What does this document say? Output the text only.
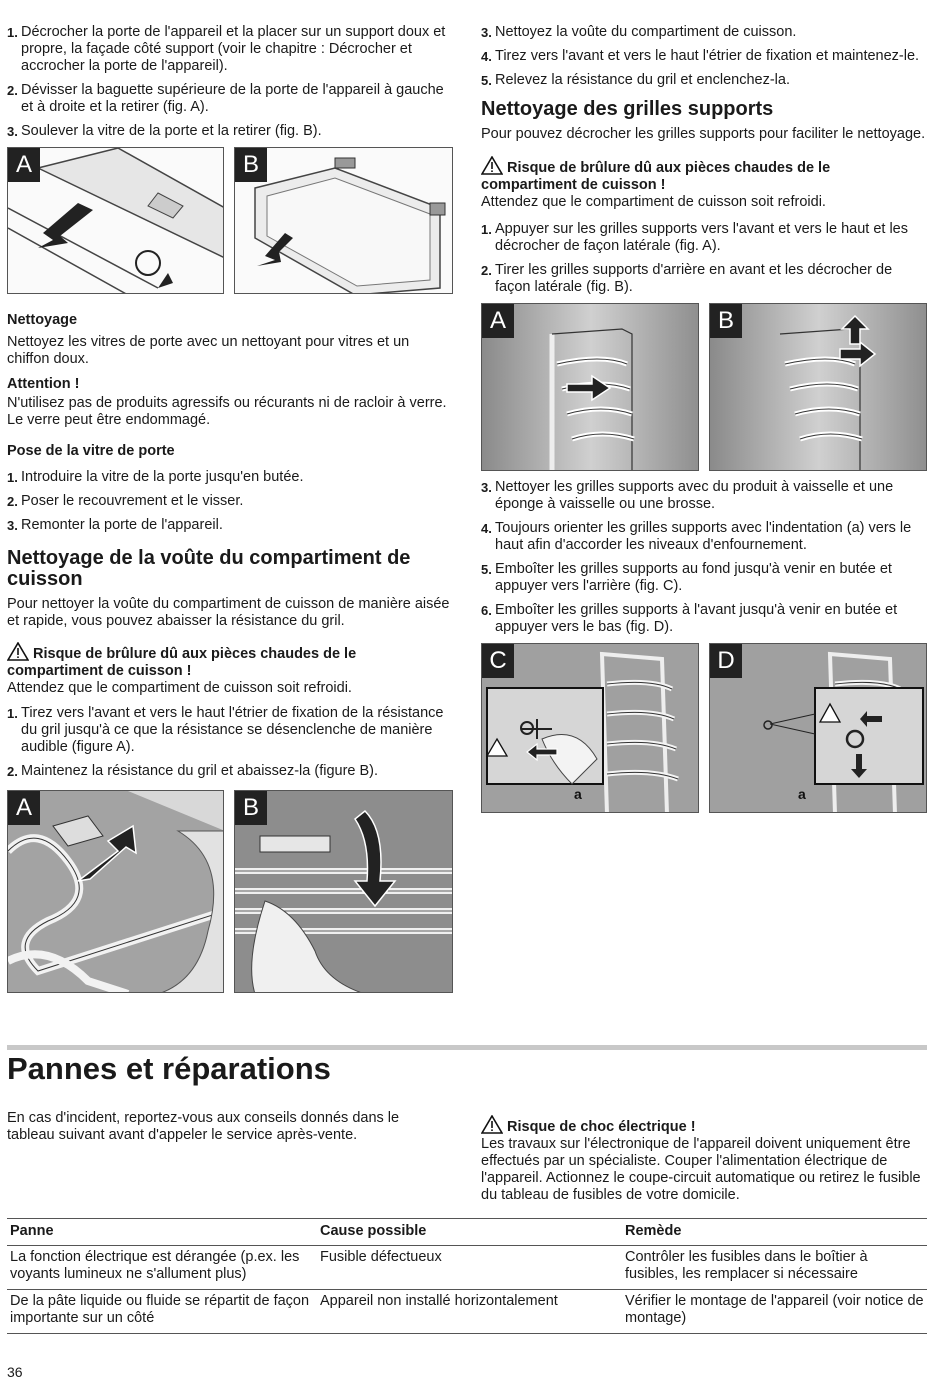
1. Décrocher la porte de l'appareil et la placer sur un support doux et propre, la façade côté support (voir le chapitre : Décrocher et accrocher la porte de l'appareil).
2. Dévisser la baguette supérieure de la porte de l'appareil à gauche et à droite et la retirer (fig. A).
3. Soulever la vitre de la porte et la retirer (fig. B).
A	B
Nettoyage

Nettoyez les vitres de porte avec un nettoyant pour vitres et un chiffon doux.

Attention !

N'utilisez pas de produits agressifs ou récurants ni de racloir à verre. Le verre peut être endommagé.

Pose de la vitre de porte
1. Introduire la vitre de la porte jusqu'en butée.
2. Poser le recouvrement et le visser.
3. Remonter la porte de l'appareil.
Nettoyage de la voûte du compartiment de cuisson

Pour nettoyer la voûte du compartiment de cuisson de manière aisée et rapide, vous pouvez abaisser la résistance du gril.

Risque de brûlure dû aux pièces chaudes de le compartiment de cuisson !
Attendez que le compartiment de cuisson soit refroidi.
1. Tirez vers l'avant et vers le haut l'étrier de fixation de la résistance du gril jusqu'à ce que la résistance se désenclenche de manière audible (figure A).
2. Maintenez la résistance du gril et abaissez-la (figure B).
A	B
3. Nettoyez la voûte du compartiment de cuisson.
4. Tirez vers l'avant et vers le haut l'étrier de fixation et maintenez-le.
5. Relevez la résistance du gril et enclenchez-la.
Nettoyage des grilles supports

Pour pouvez décrocher les grilles supports pour faciliter le nettoyage.

Risque de brûlure dû aux pièces chaudes de le compartiment de cuisson !
Attendez que le compartiment de cuisson soit refroidi.
1. Appuyer sur les grilles supports vers l'avant et vers le haut et les décrocher de façon latérale (fig. A).
2. Tirer les grilles supports d'arrière en avant et les décrocher de façon latérale (fig. B).
A	B
3. Nettoyer les grilles supports avec du produit à vaisselle et une éponge à vaisselle ou une brosse.
4. Toujours orienter les grilles supports avec l'indentation (a) vers le haut afin d'accorder les niveaux d'enfournement.
5. Emboîter les grilles supports au fond jusqu'à venir en butée et appuyer vers l'arrière (fig. C).
6. Emboîter les grilles supports à l'avant jusqu'à venir en butée et appuyer vers le bas (fig. D).
a
C
a
D
Pannes et réparations

En cas d'incident, reportez-vous aux conseils donnés dans le tableau suivant avant d'appeler le service après-vente.	Risque de choc électrique !
Les travaux sur l'électronique de l'appareil doivent uniquement être effectués par un spécialiste. Couper l'alimentation électrique de l'appareil. Actionnez le coupe-circuit automatique ou retirez le fusible du tableau de fusibles de votre domicile.
Panne	Cause possible	Remède
La fonction électrique est dérangée (p.ex. les voyants lumineux ne s'allument plus)	Fusible défectueux	Contrôler les fusibles dans le boîtier à fusibles, les remplacer si nécessaire
De la pâte liquide ou fluide se répartit de façon importante sur un côté	Appareil non installé horizontalement	Vérifier le montage de l'appareil (voir notice de montage)
36
